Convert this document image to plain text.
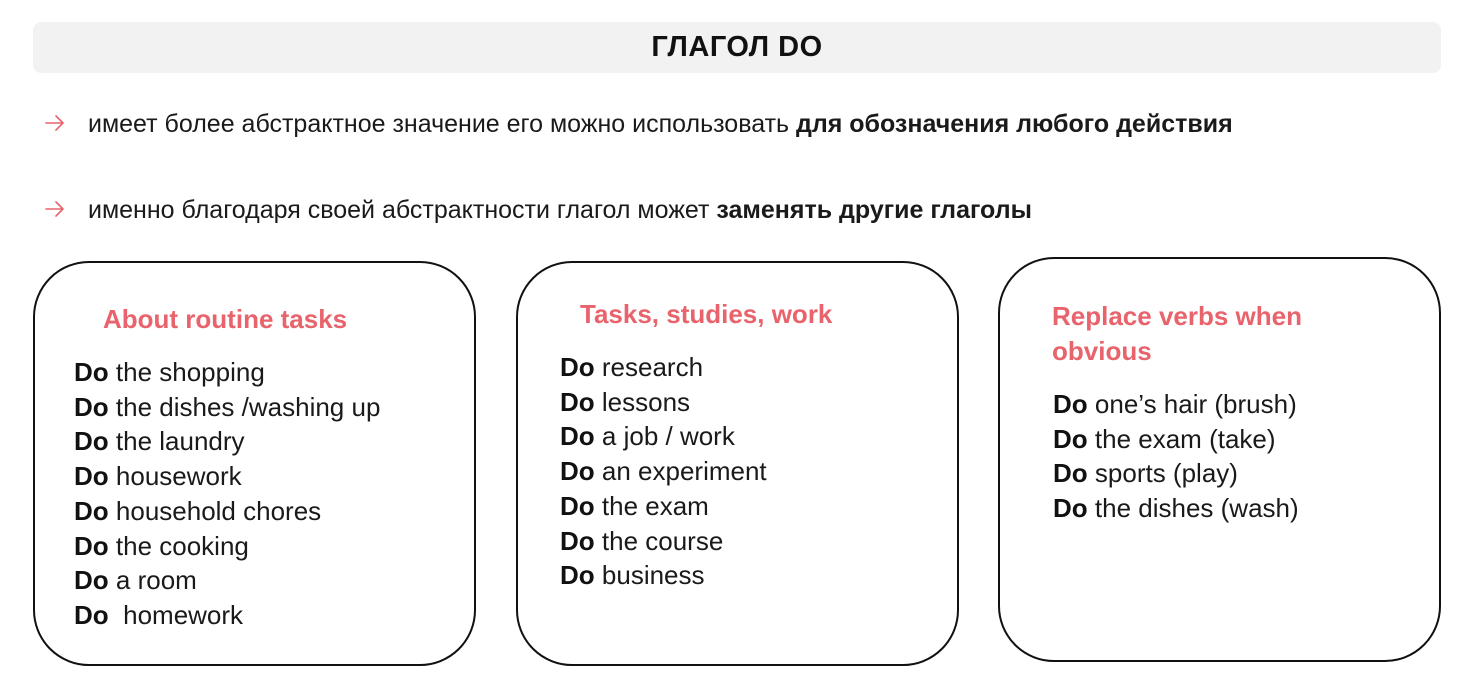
ГЛАГОЛ DO
имеет более абстрактное значение его можно использовать для обозначения любого действия
именно благодаря своей абстрактности глагол может заменять другие глаголы
About routine tasks
Do the shopping
Do the dishes /washing up
Do the laundry
Do housework
Do household chores
Do the cooking
Do a room
Do  homework
Tasks, studies, work
Do research
Do lessons
Do a job / work
Do an experiment
Do the exam
Do the course
Do business
Replace verbs when obvious
Do one’s hair (brush)
Do the exam (take)
Do sports (play)
Do the dishes (wash)
